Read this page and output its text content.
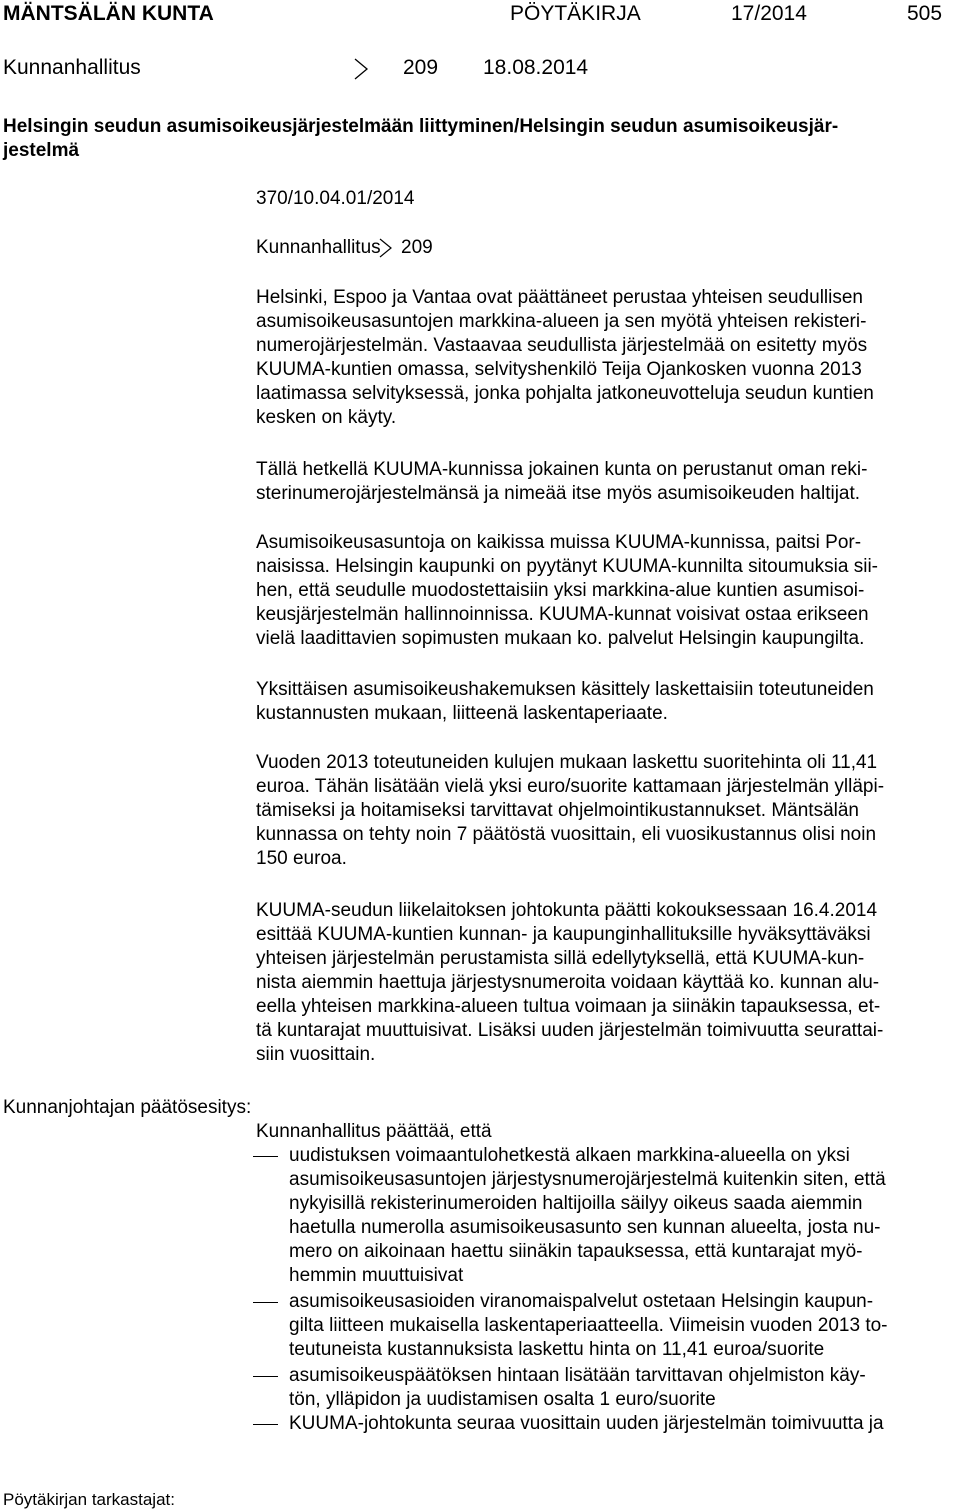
MÄNTSÄLÄN KUNTA	PÖYTÄKIRJA	17/2014	505
Kunnanhallitus	209 18.08.2014
Helsingin seudun asumisoikeusjärjestelmään liittyminen/Helsingin seudun asumisoikeusjär-
jestelmä
370/10.04.01/2014
Kunnanhallitus 209
Helsinki, Espoo ja Vantaa ovat päättäneet perustaa yhteisen seudullisen
asumisoikeusasuntojen markkina-alueen ja sen myötä yhteisen rekisteri-
numerojärjestelmän. Vastaavaa seudullista järjestelmää on esitetty myös
KUUMA-kuntien omassa, selvityshenkilö Teija Ojankosken vuonna 2013
laatimassa selvityksessä, jonka pohjalta jatkoneuvotteluja seudun kuntien
kesken on käyty.
Tällä hetkellä KUUMA-kunnissa jokainen kunta on perustanut oman reki-
sterinumerojärjestelmänsä ja nimeää itse myös asumisoikeuden haltijat.
Asumisoikeusasuntoja on kaikissa muissa KUUMA-kunnissa, paitsi Por-
naisissa. Helsingin kaupunki on pyytänyt KUUMA-kunnilta sitoumuksia sii-
hen, että seudulle muodostettaisiin yksi markkina-alue kuntien asumisoi-
keusjärjestelmän hallinnoinnissa. KUUMA-kunnat voisivat ostaa erikseen
vielä laadittavien sopimusten mukaan ko. palvelut Helsingin kaupungilta.
Yksittäisen asumisoikeushakemuksen käsittely laskettaisiin toteutuneiden
kustannusten mukaan, liitteenä laskentaperiaate.
Vuoden 2013 toteutuneiden kulujen mukaan laskettu suoritehinta oli 11,41
euroa. Tähän lisätään vielä yksi euro/suorite kattamaan järjestelmän ylläpi-
tämiseksi ja hoitamiseksi tarvittavat ohjelmointikustannukset. Mäntsälän
kunnassa on tehty noin 7 päätöstä vuosittain, eli vuosikustannus olisi noin
150 euroa.
KUUMA-seudun liikelaitoksen johtokunta päätti kokouksessaan 16.4.2014
esittää KUUMA-kuntien kunnan- ja kaupunginhallituksille hyväksyttäväksi
yhteisen järjestelmän perustamista sillä edellytyksellä, että KUUMA-kun-
nista aiemmin haettuja järjestysnumeroita voidaan käyttää ko. kunnan alu-
eella yhteisen markkina-alueen tultua voimaan ja siinäkin tapauksessa, et-
tä kuntarajat muuttuisivat. Lisäksi uuden järjestelmän toimivuutta seurattai-
siin vuosittain.
Kunnanjohtajan päätösesitys:
Kunnanhallitus päättää, että
uudistuksen voimaantulohetkestä alkaen markkina-alueella on yksi
asumisoikeusasuntojen järjestysnumerojärjestelmä kuitenkin siten, että
nykyisillä rekisterinumeroiden haltijoilla säilyy oikeus saada aiemmin
haetulla numerolla asumisoikeusasunto sen kunnan alueelta, josta nu-
mero on aikoinaan haettu siinäkin tapauksessa, että kuntarajat myö-
hemmin muuttuisivat
asumisoikeusasioiden viranomaispalvelut ostetaan Helsingin kaupun-
gilta liitteen mukaisella laskentaperiaatteella. Viimeisin vuoden 2013 to-
teutuneista kustannuksista laskettu hinta on 11,41 euroa/suorite
asumisoikeuspäätöksen hintaan lisätään tarvittavan ohjelmiston käy-
tön, ylläpidon ja uudistamisen osalta 1 euro/suorite
KUUMA-johtokunta seuraa vuosittain uuden järjestelmän toimivuutta ja
Pöytäkirjan tarkastajat:
